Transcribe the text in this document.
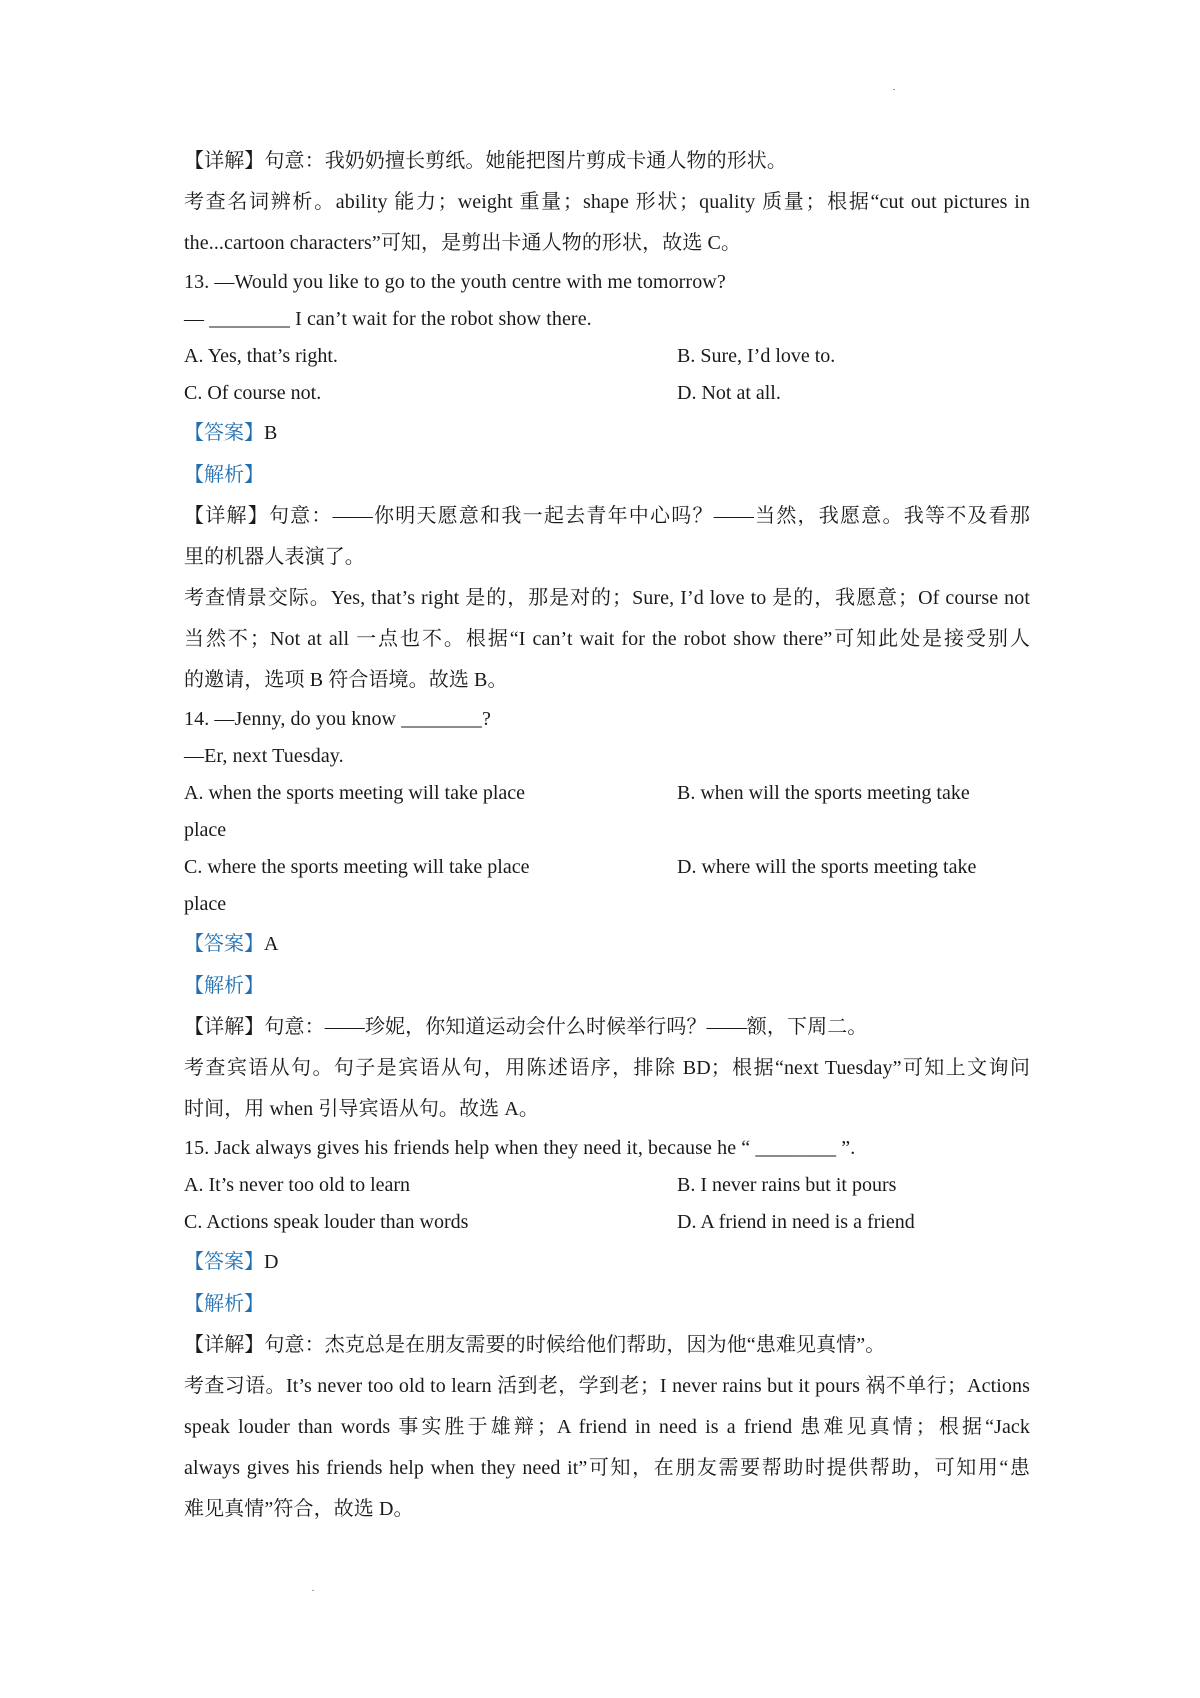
【详解】句意：我奶奶擅长剪纸。她能把图片剪成卡通人物的形状。
考查名词辨析。ability 能力；weight 重量；shape 形状；quality 质量；根据“cut out pictures in
the...cartoon characters”可知，是剪出卡通人物的形状，故选 C。
13. —Would you like to go to the youth centre with me tomorrow?
— ________ I can’t wait for the robot show there.
A. Yes, that’s right.	B. Sure, I’d love to.
C. Of course not.	D. Not at all.
【答案】B
【解析】
【详解】句意：——你明天愿意和我一起去青年中心吗？——当然，我愿意。我等不及看那
里的机器人表演了。
考查情景交际。Yes, that’s right 是的，那是对的；Sure, I’d love to 是的，我愿意；Of course not
当然不；Not at all 一点也不。根据“I can’t wait for the robot show there”可知此处是接受别人
的邀请，选项 B 符合语境。故选 B。
14. —Jenny, do you know ________?
—Er, next Tuesday.
A. when the sports meeting will take place	B. when will the sports meeting take
place
C. where the sports meeting will take place	D. where will the sports meeting take
place
【答案】A
【解析】
【详解】句意：——珍妮，你知道运动会什么时候举行吗？——额，下周二。
考查宾语从句。句子是宾语从句，用陈述语序，排除 BD；根据“next Tuesday”可知上文询问
时间，用 when 引导宾语从句。故选 A。
15. Jack always gives his friends help when they need it, because he “ ________ ”.
A. It’s never too old to learn	B. I never rains but it pours
C. Actions speak louder than words	D. A friend in need is a friend
【答案】D
【解析】
【详解】句意：杰克总是在朋友需要的时候给他们帮助，因为他“患难见真情”。
考查习语。It’s never too old to learn 活到老，学到老；I never rains but it pours 祸不单行；Actions
speak louder than words 事实胜于雄辩；A friend in need is a friend 患难见真情；根据“Jack
always gives his friends help when they need it”可知，在朋友需要帮助时提供帮助，可知用“患
难见真情”符合，故选 D。
